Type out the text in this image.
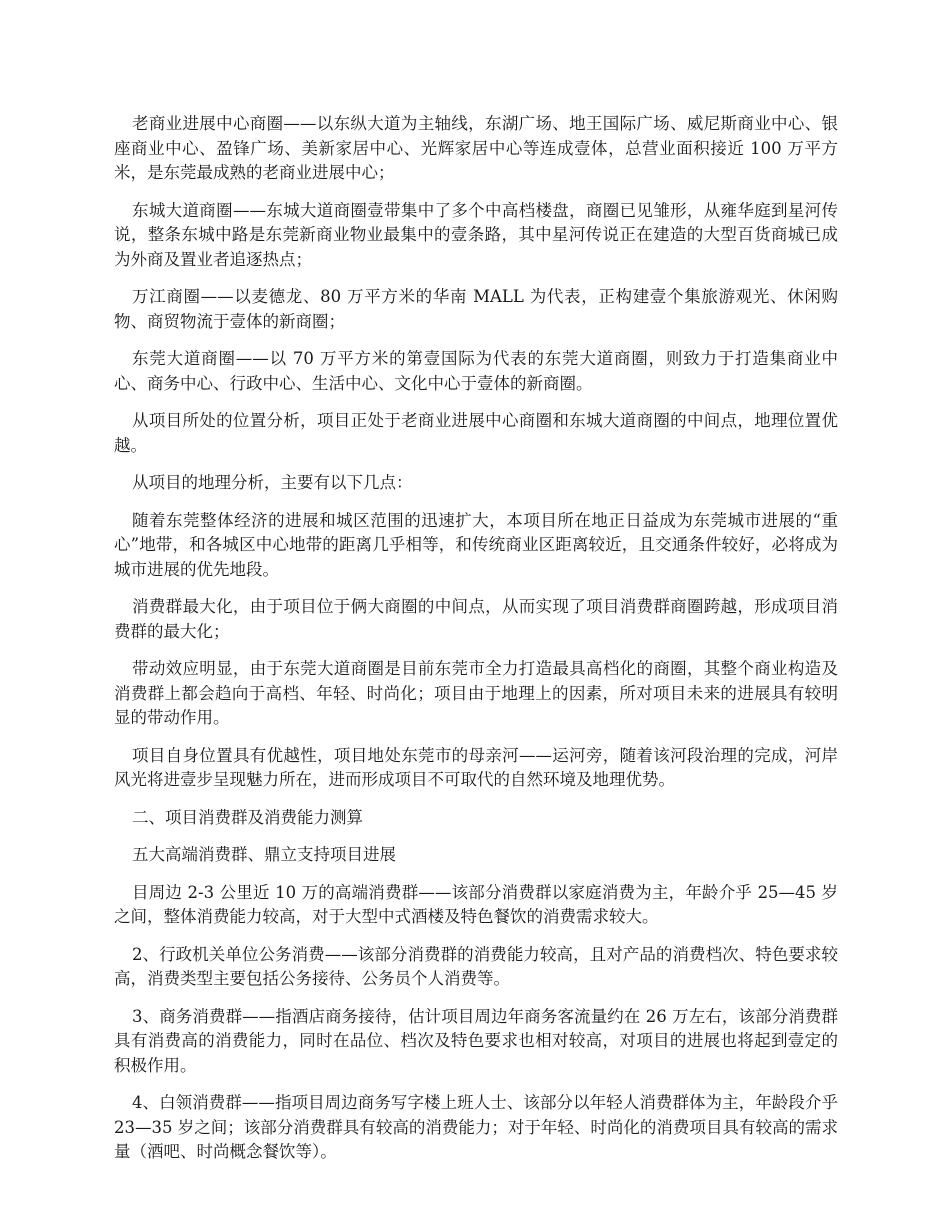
老商业进展中心商圈——以东纵大道为主轴线，东湖广场、地王国际广场、威尼斯商业中心、银座商业中心、盈锋广场、美新家居中心、光辉家居中心等连成壹体，总营业面积接近 100 万平方米，是东莞最成熟的老商业进展中心；

东城大道商圈——东城大道商圈壹带集中了多个中高档楼盘，商圈已见雏形，从雍华庭到星河传说，整条东城中路是东莞新商业物业最集中的壹条路，其中星河传说正在建造的大型百货商城已成为外商及置业者追逐热点；

万江商圈——以麦德龙、80 万平方米的华南 MALL 为代表，正构建壹个集旅游观光、休闲购物、商贸物流于壹体的新商圈；

东莞大道商圈——以 70 万平方米的第壹国际为代表的东莞大道商圈，则致力于打造集商业中心、商务中心、行政中心、生活中心、文化中心于壹体的新商圈。

从项目所处的位置分析，项目正处于老商业进展中心商圈和东城大道商圈的中间点，地理位置优越。

从项目的地理分析，主要有以下几点：

随着东莞整体经济的进展和城区范围的迅速扩大，本项目所在地正日益成为东莞城市进展的“重心”地带，和各城区中心地带的距离几乎相等，和传统商业区距离较近，且交通条件较好，必将成为城市进展的优先地段。

消费群最大化，由于项目位于俩大商圈的中间点，从而实现了项目消费群商圈跨越，形成项目消费群的最大化；

带动效应明显，由于东莞大道商圈是目前东莞市全力打造最具高档化的商圈，其整个商业构造及消费群上都会趋向于高档、年轻、时尚化；项目由于地理上的因素，所对项目未来的进展具有较明显的带动作用。

项目自身位置具有优越性，项目地处东莞市的母亲河——运河旁，随着该河段治理的完成，河岸风光将进壹步呈现魅力所在，进而形成项目不可取代的自然环境及地理优势。

二、项目消费群及消费能力测算

五大高端消费群、鼎立支持项目进展

目周边 2-3 公里近 10 万的高端消费群——该部分消费群以家庭消费为主，年龄介乎 25—45 岁之间，整体消费能力较高，对于大型中式酒楼及特色餐饮的消费需求较大。

2、行政机关单位公务消费——该部分消费群的消费能力较高，且对产品的消费档次、特色要求较高，消费类型主要包括公务接待、公务员个人消费等。

3、商务消费群——指酒店商务接待，估计项目周边年商务客流量约在 26 万左右，该部分消费群具有消费高的消费能力，同时在品位、档次及特色要求也相对较高，对项目的进展也将起到壹定的积极作用。

4、白领消费群——指项目周边商务写字楼上班人士、该部分以年轻人消费群体为主，年龄段介乎 23—35 岁之间；该部分消费群具有较高的消费能力；对于年轻、时尚化的消费项目具有较高的需求量（酒吧、时尚概念餐饮等）。
